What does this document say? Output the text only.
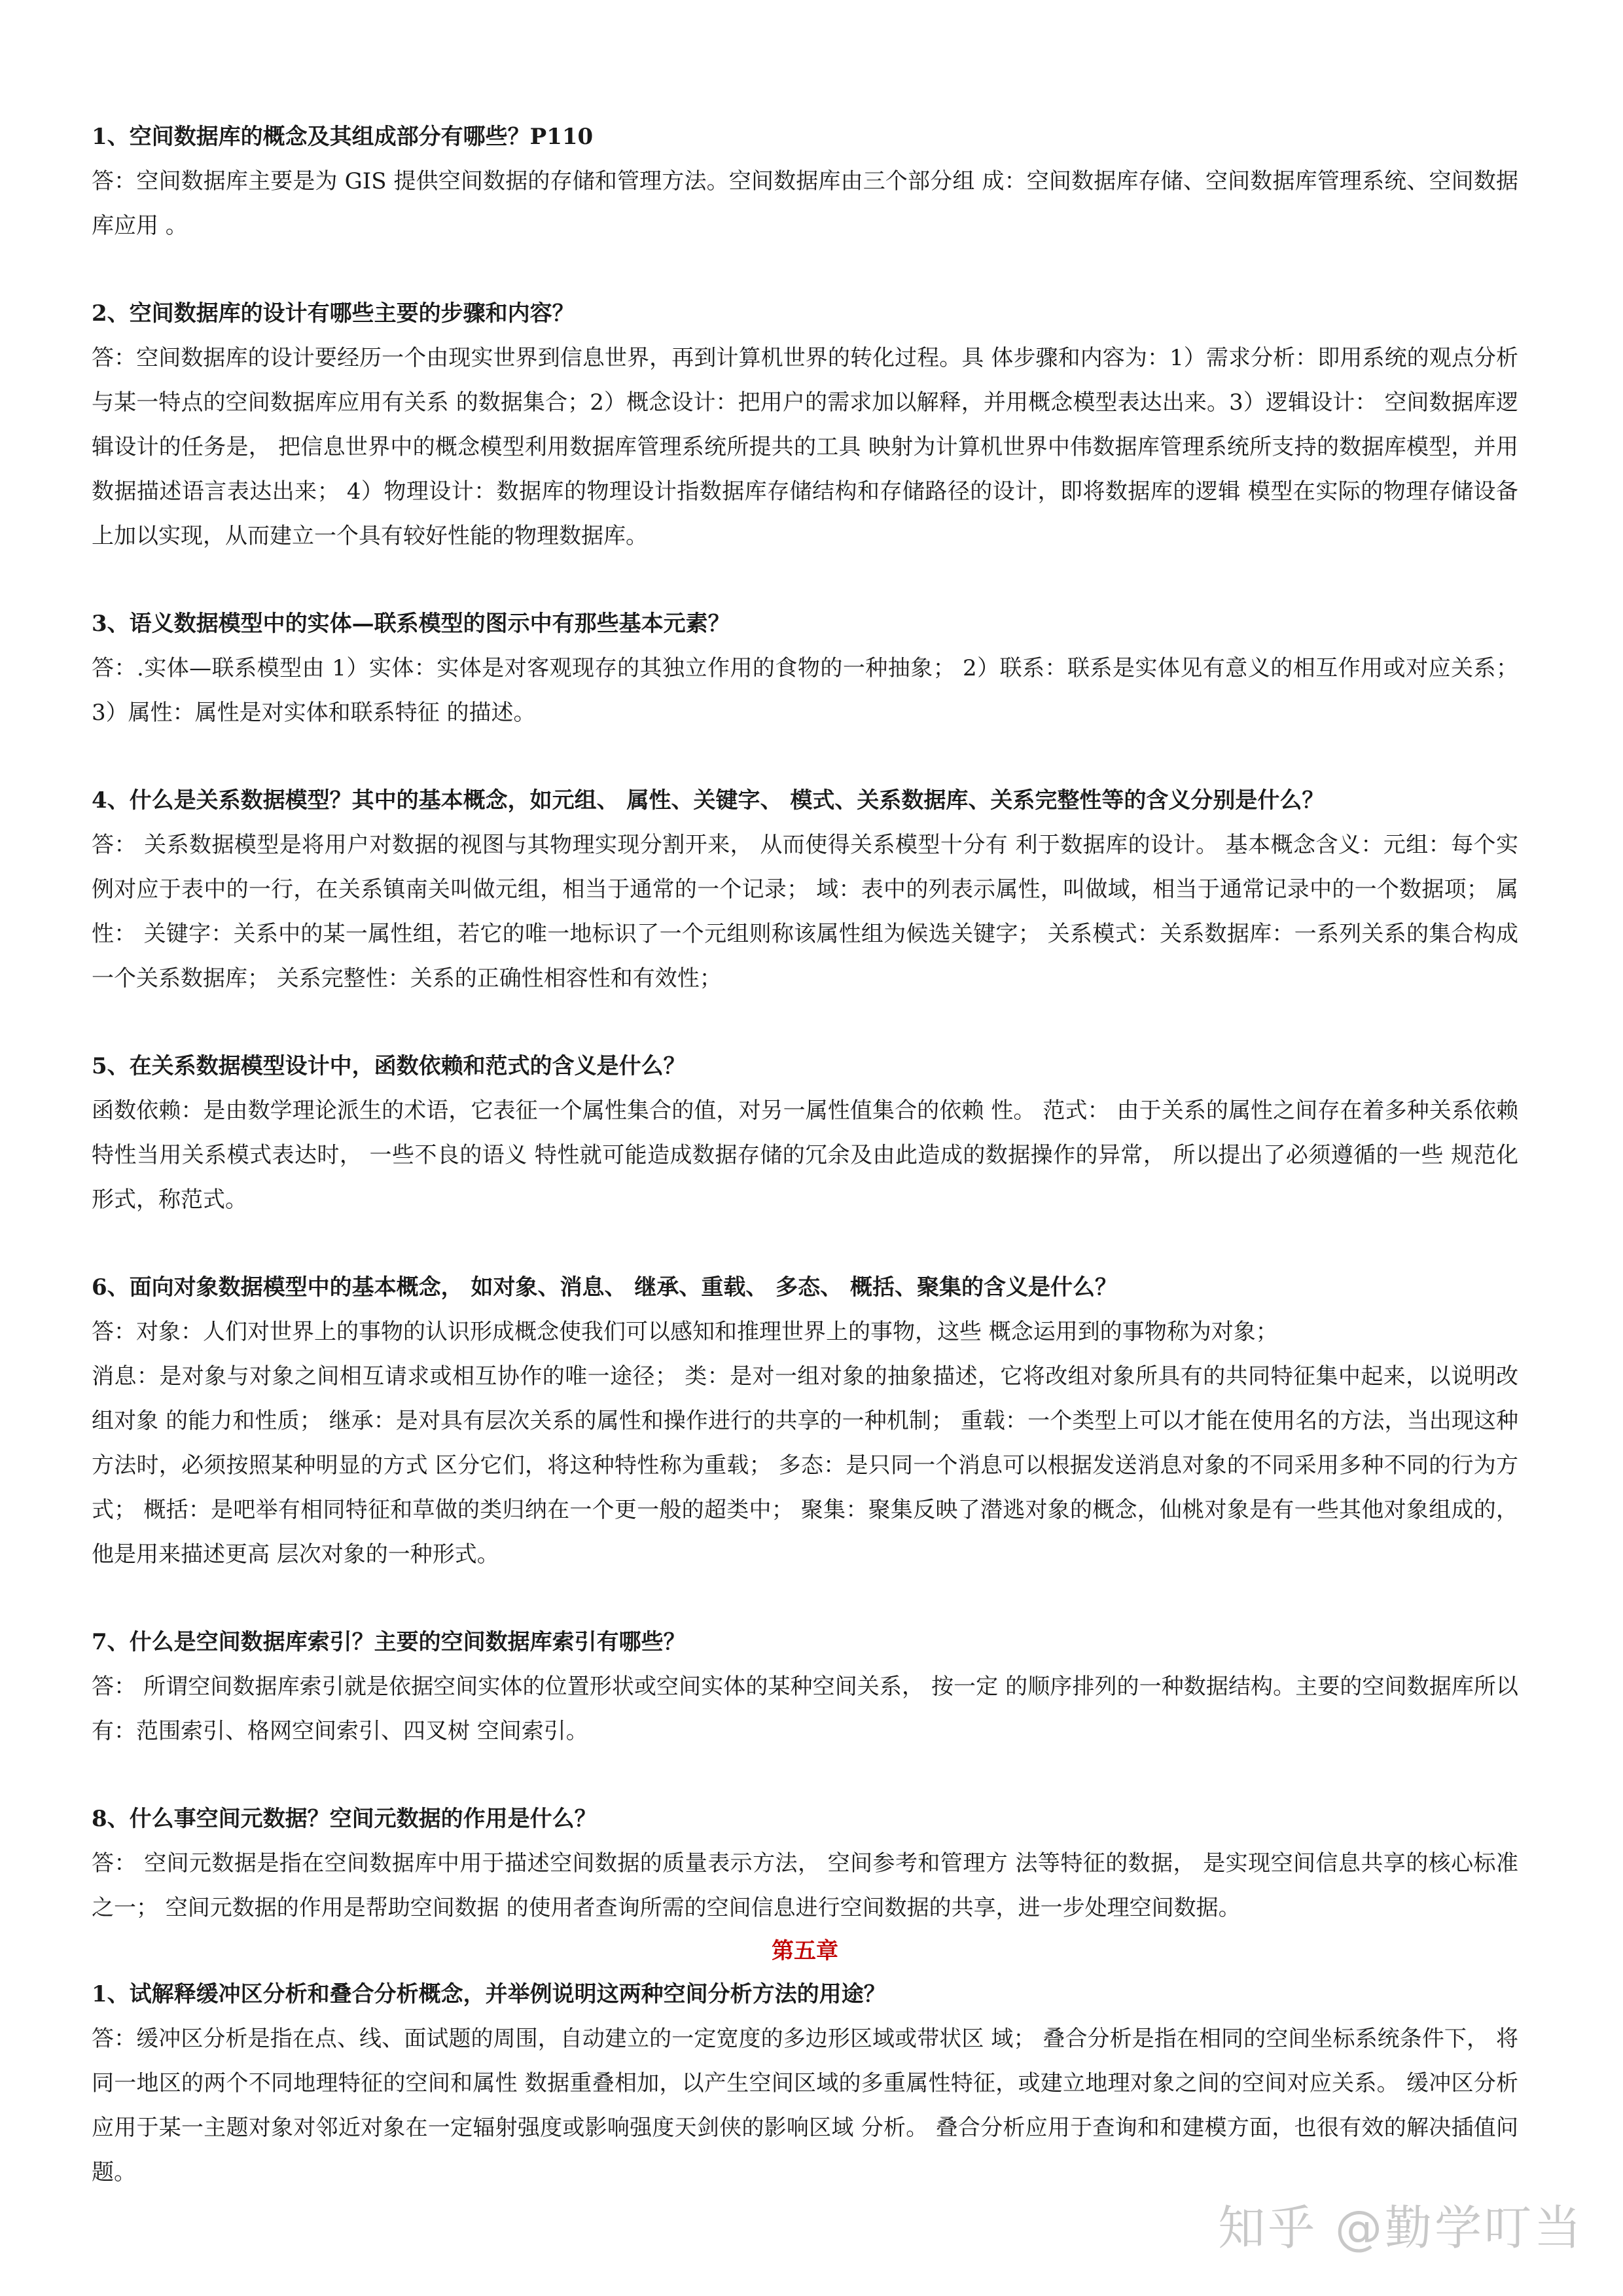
1、空间数据库的概念及其组成部分有哪些？P110
答：空间数据库主要是为 GIS 提供空间数据的存储和管理方法。空间数据库由三个部分组 成：空间数据库存储、空间数据库管理系统、空间数据库应用 。
2、空间数据库的设计有哪些主要的步骤和内容？
答：空间数据库的设计要经历一个由现实世界到信息世界，再到计算机世界的转化过程。具 体步骤和内容为：1）需求分析：即用系统的观点分析与某一特点的空间数据库应用有关系 的数据集合；2）概念设计：把用户的需求加以解释，并用概念模型表达出来。3）逻辑设计： 空间数据库逻辑设计的任务是， 把信息世界中的概念模型利用数据库管理系统所提共的工具 映射为计算机世界中伟数据库管理系统所支持的数据库模型，并用数据描述语言表达出来； 4）物理设计：数据库的物理设计指数据库存储结构和存储路径的设计，即将数据库的逻辑 模型在实际的物理存储设备上加以实现，从而建立一个具有较好性能的物理数据库。
3、语义数据模型中的实体—联系模型的图示中有那些基本元素？
答：.实体—联系模型由 1）实体：实体是对客观现存的其独立作用的食物的一种抽象； 2）联系：联系是实体见有意义的相互作用或对应关系；3）属性：属性是对实体和联系特征 的描述。
4、什么是关系数据模型？其中的基本概念，如元组、 属性、关键字、 模式、关系数据库、关系完整性等的含义分别是什么？
答： 关系数据模型是将用户对数据的视图与其物理实现分割开来， 从而使得关系模型十分有 利于数据库的设计。 基本概念含义：元组：每个实例对应于表中的一行，在关系镇南关叫做元组，相当于通常的一个记录； 域：表中的列表示属性，叫做域，相当于通常记录中的一个数据项； 属性： 关键字：关系中的某一属性组，若它的唯一地标识了一个元组则称该属性组为候选关键字； 关系模式：关系数据库：一系列关系的集合构成一个关系数据库； 关系完整性：关系的正确性相容性和有效性；
5、在关系数据模型设计中，函数依赖和范式的含义是什么？
函数依赖：是由数学理论派生的术语，它表征一个属性集合的值，对另一属性值集合的依赖 性。 范式： 由于关系的属性之间存在着多种关系依赖特性当用关系模式表达时， 一些不良的语义 特性就可能造成数据存储的冗余及由此造成的数据操作的异常， 所以提出了必须遵循的一些 规范化形式，称范式。
6、面向对象数据模型中的基本概念， 如对象、消息、 继承、重载、 多态、 概括、聚集的含义是什么？
答：对象：人们对世界上的事物的认识形成概念使我们可以感知和推理世界上的事物，这些 概念运用到的事物称为对象；
消息：是对象与对象之间相互请求或相互协作的唯一途径； 类：是对一组对象的抽象描述，它将改组对象所具有的共同特征集中起来，以说明改组对象 的能力和性质； 继承：是对具有层次关系的属性和操作进行的共享的一种机制； 重载：一个类型上可以才能在使用名的方法，当出现这种方法时，必须按照某种明显的方式 区分它们，将这种特性称为重载； 多态：是只同一个消息可以根据发送消息对象的不同采用多种不同的行为方式； 概括：是吧举有相同特征和草做的类归纳在一个更一般的超类中； 聚集：聚集反映了潜逃对象的概念，仙桃对象是有一些其他对象组成的，他是用来描述更高 层次对象的一种形式。
7、什么是空间数据库索引？主要的空间数据库索引有哪些？
答： 所谓空间数据库索引就是依据空间实体的位置形状或空间实体的某种空间关系， 按一定 的顺序排列的一种数据结构。主要的空间数据库所以有：范围索引、格网空间索引、四叉树 空间索引。
8、什么事空间元数据？空间元数据的作用是什么？
答： 空间元数据是指在空间数据库中用于描述空间数据的质量表示方法， 空间参考和管理方 法等特征的数据， 是实现空间信息共享的核心标准之一； 空间元数据的作用是帮助空间数据 的使用者查询所需的空间信息进行空间数据的共享，进一步处理空间数据。
第五章
1、试解释缓冲区分析和叠合分析概念，并举例说明这两种空间分析方法的用途？
答：缓冲区分析是指在点、线、面试题的周围，自动建立的一定宽度的多边形区域或带状区 域； 叠合分析是指在相同的空间坐标系统条件下， 将同一地区的两个不同地理特征的空间和属性 数据重叠相加，以产生空间区域的多重属性特征，或建立地理对象之间的空间对应关系。 缓冲区分析应用于某一主题对象对邻近对象在一定辐射强度或影响强度天剑侠的影响区域 分析。 叠合分析应用于查询和和建模方面，也很有效的解决插值问题。
知乎 @勤学叮当
